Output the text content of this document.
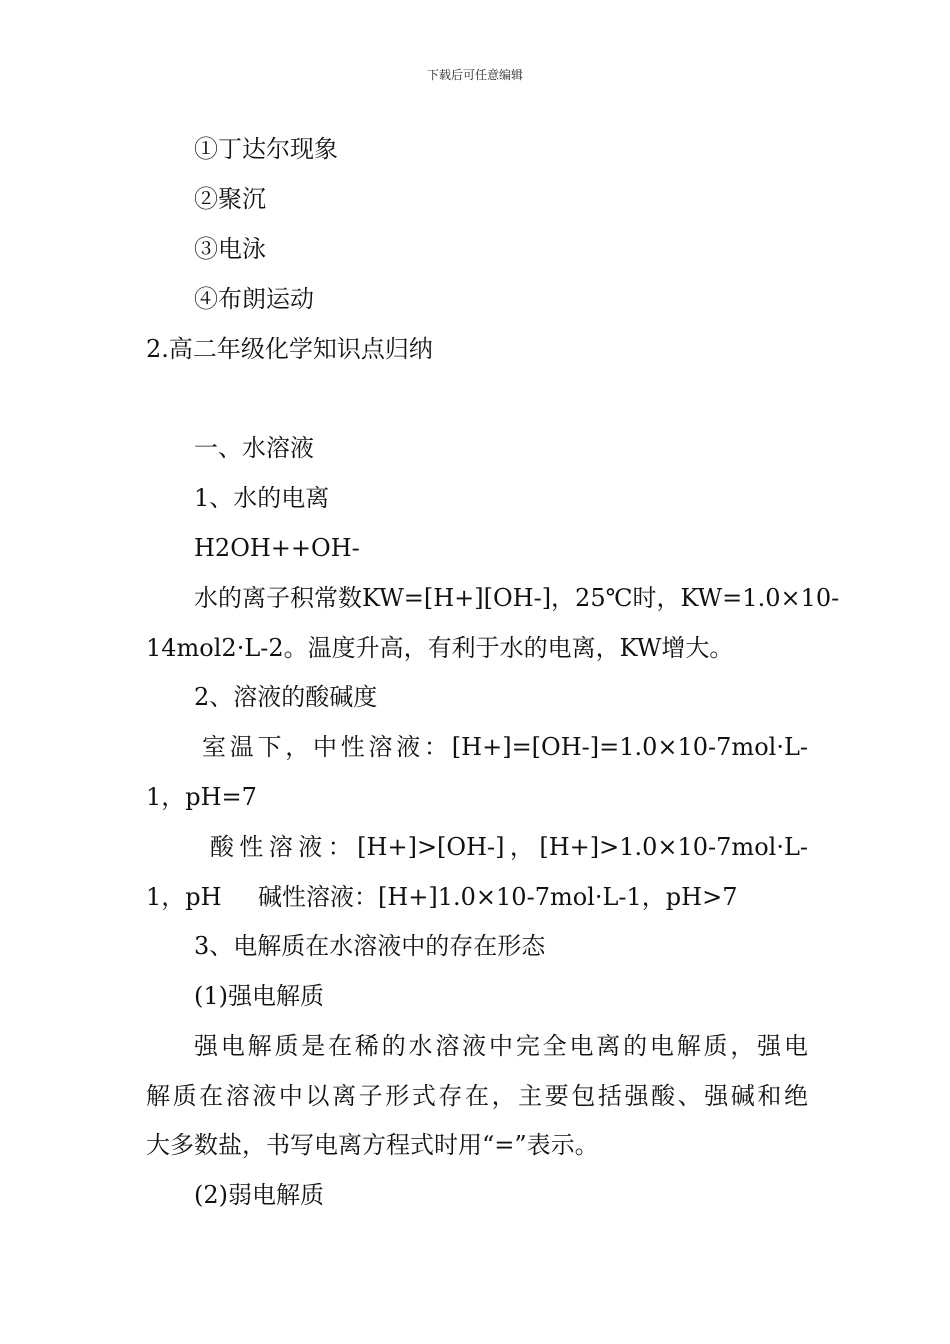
下载后可任意编辑
①丁达尔现象
②聚沉
③电泳
④布朗运动
2.高二年级化学知识点归纳
一、水溶液
1、水的电离
H2OH++OH-
水的离子积常数KW=[H+][OH-]，25℃时，KW=1.0×10-
14mol2·L-2。温度升高，有利于水的电离，KW增大。
2、溶液的酸碱度
室温下，中性溶液：[H+]=[OH-]=1.0×10-7mol·L-
1，pH=7
酸性溶液：[H+]>[OH-]，[H+]>1.0×10-7mol·L-
1，pH	碱性溶液：[H+]1.0×10-7mol·L-1，pH>7
3、电解质在水溶液中的存在形态
(1)强电解质
强电解质是在稀的水溶液中完全电离的电解质，强电
解质在溶液中以离子形式存在，主要包括强酸、强碱和绝
大多数盐，书写电离方程式时用“=”表示。
(2)弱电解质
